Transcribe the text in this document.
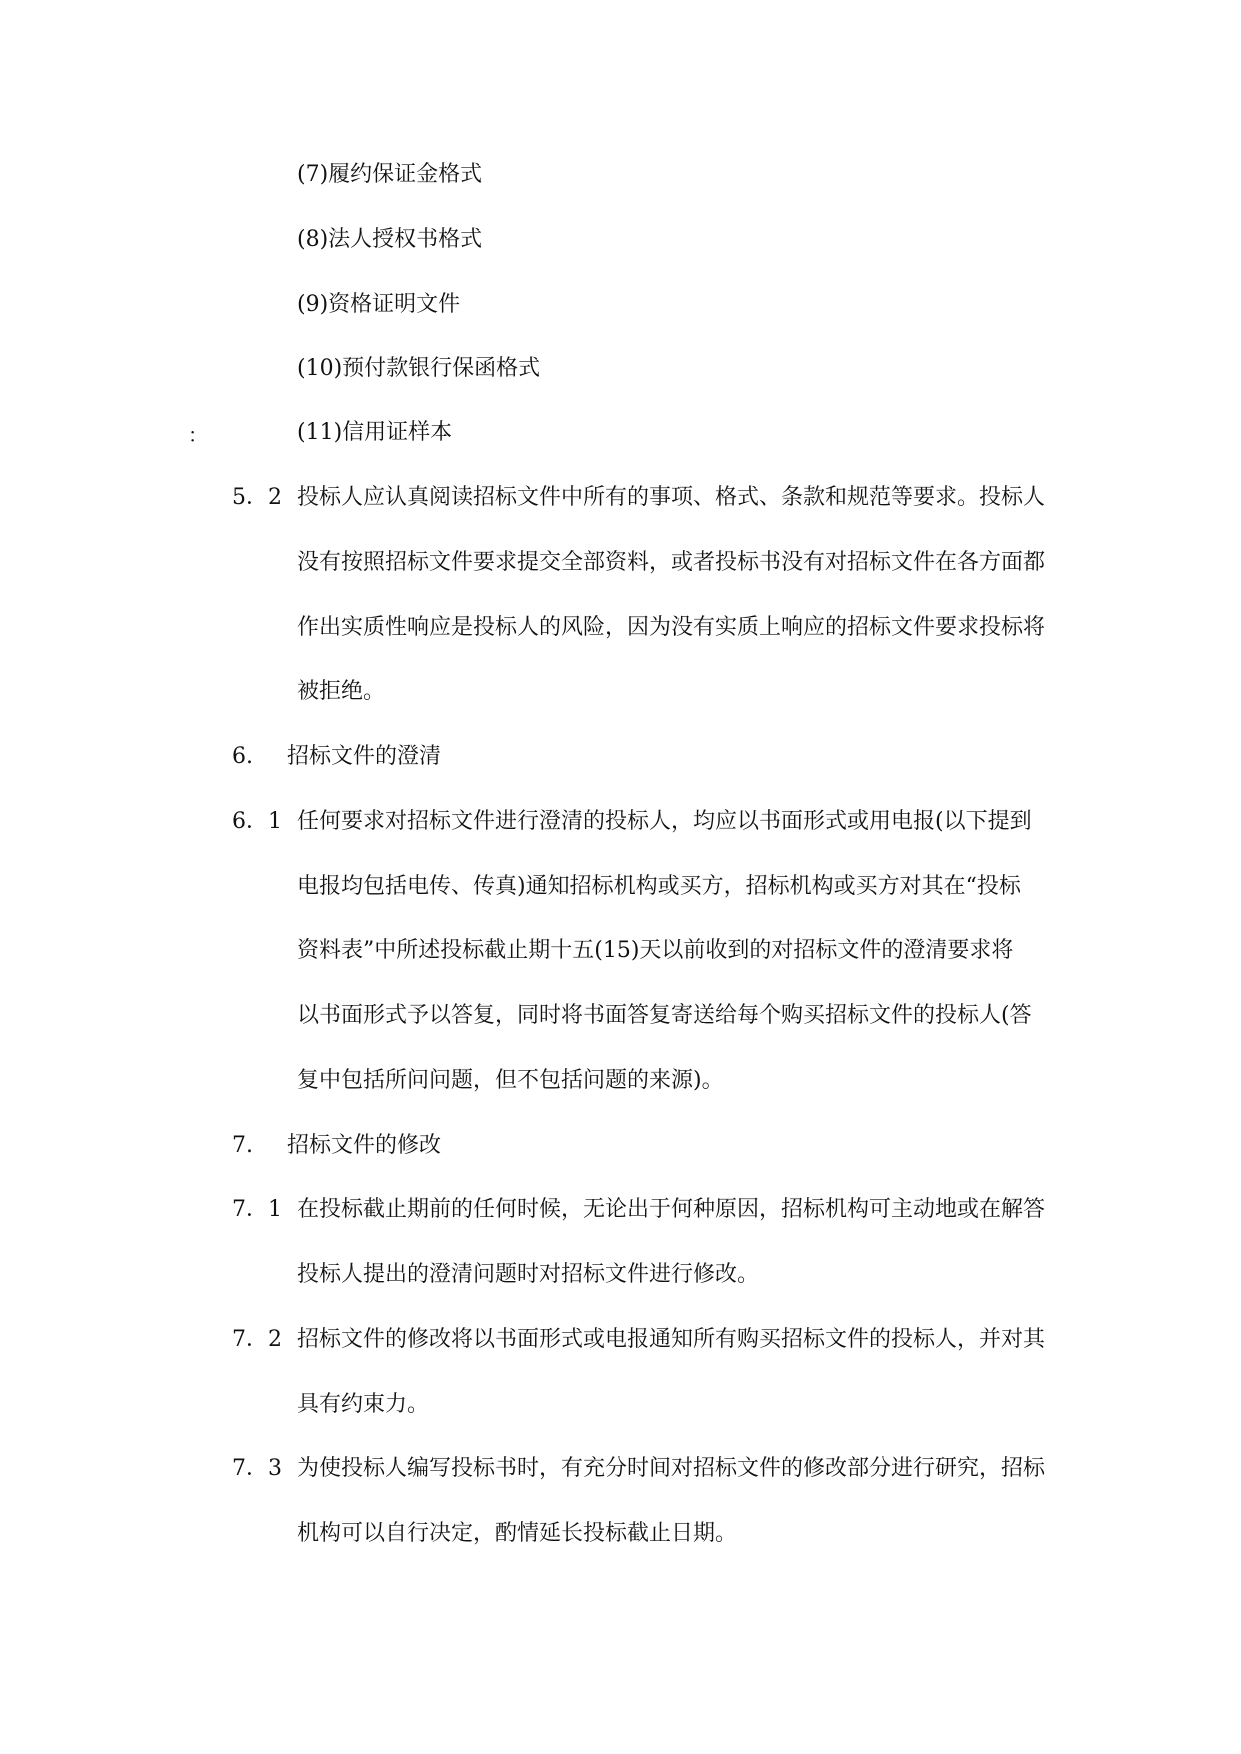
(7)履约保证金格式
(8)法人授权书格式
(9)资格证明文件
(10)预付款银行保函格式
：	(11)信用证样本
5．2 投标人应认真阅读招标文件中所有的事项、格式、条款和规范等要求。投标人
没有按照招标文件要求提交全部资料，或者投标书没有对招标文件在各方面都
作出实质性响应是投标人的风险，因为没有实质上响应的招标文件要求投标将
被拒绝。
6. 招标文件的澄清
6．1 任何要求对招标文件进行澄清的投标人，均应以书面形式或用电报(以下提到
电报均包括电传、传真)通知招标机构或买方，招标机构或买方对其在“投标
资料表”中所述投标截止期十五(15)天以前收到的对招标文件的澄清要求将
以书面形式予以答复，同时将书面答复寄送给每个购买招标文件的投标人(答
复中包括所问问题，但不包括问题的来源)。
7. 招标文件的修改
7．1 在投标截止期前的任何时候，无论出于何种原因，招标机构可主动地或在解答
投标人提出的澄清问题时对招标文件进行修改。
7．2 招标文件的修改将以书面形式或电报通知所有购买招标文件的投标人，并对其
具有约束力。
7．3 为使投标人编写投标书时，有充分时间对招标文件的修改部分进行研究，招标
机构可以自行决定，酌情延长投标截止日期。
